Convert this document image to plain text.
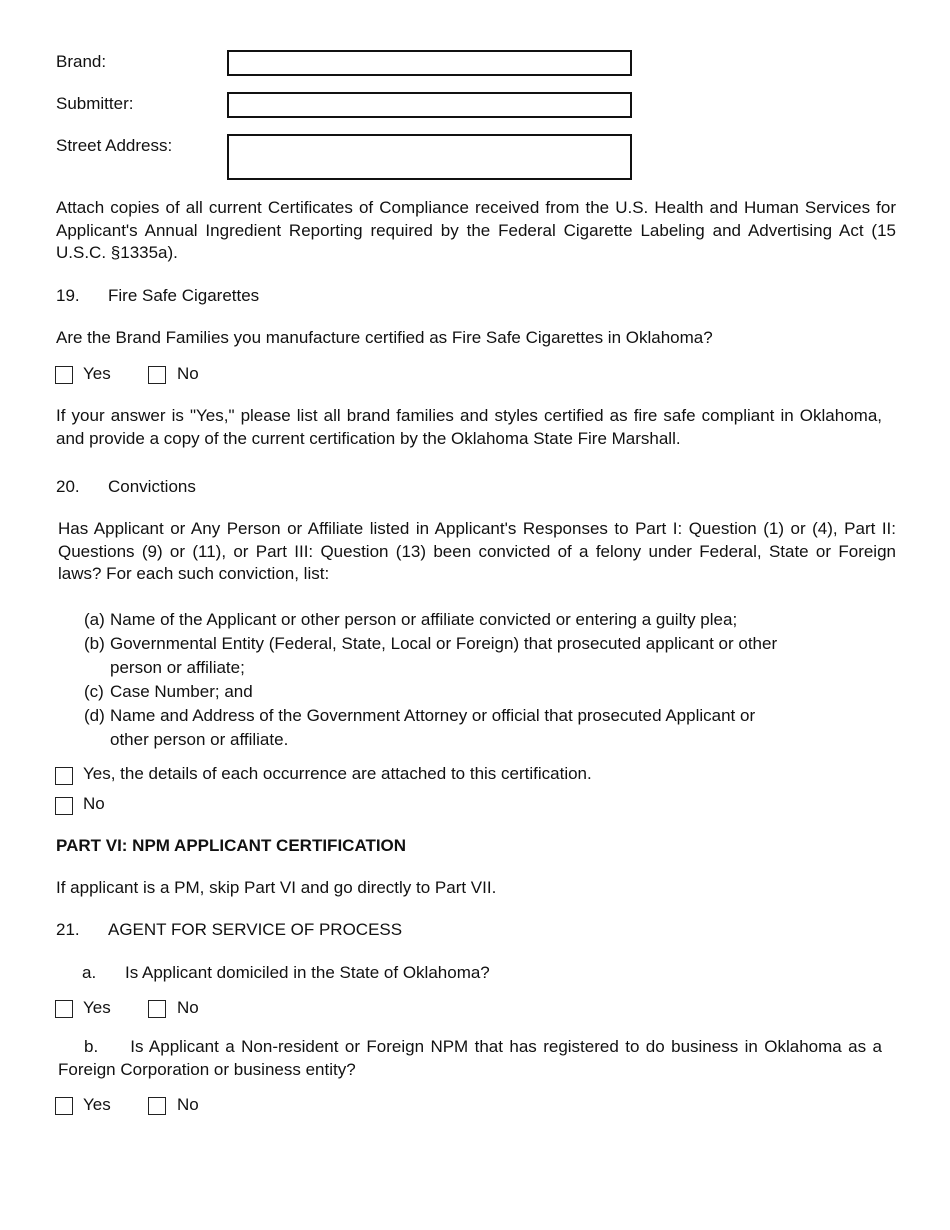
Brand:
Submitter:
Street Address:
Attach copies of all current Certificates of Compliance received from the U.S. Health and Human Services for Applicant's Annual Ingredient Reporting required by the Federal Cigarette Labeling and Advertising Act (15 U.S.C. §1335a).
19. Fire Safe Cigarettes
Are the Brand Families you manufacture certified as Fire Safe Cigarettes in Oklahoma?
Yes	No
If your answer is "Yes," please list all brand families and styles certified as fire safe compliant in Oklahoma, and provide a copy of the current certification by the Oklahoma State Fire Marshall.
20. Convictions
Has Applicant or Any Person or Affiliate listed in Applicant's Responses to Part I: Question (1) or (4), Part II: Questions (9) or (11), or Part III: Question (13) been convicted of a felony under Federal, State or Foreign laws? For each such conviction, list:
(a) Name of the Applicant or other person or affiliate convicted or entering a guilty plea;
(b) Governmental Entity (Federal, State, Local or Foreign) that prosecuted applicant or other
person or affiliate;
(c) Case Number; and
(d) Name and Address of the Government Attorney or official that prosecuted Applicant or
other person or affiliate.
Yes, the details of each occurrence are attached to this certification.
No
PART VI: NPM APPLICANT CERTIFICATION
If applicant is a PM, skip Part VI and go directly to Part VII.
21. AGENT FOR SERVICE OF PROCESS
a. Is Applicant domiciled in the State of Oklahoma?
Yes	No
b. Is Applicant a Non-resident or Foreign NPM that has registered to do business in Oklahoma as a Foreign Corporation or business entity?
Yes	No
